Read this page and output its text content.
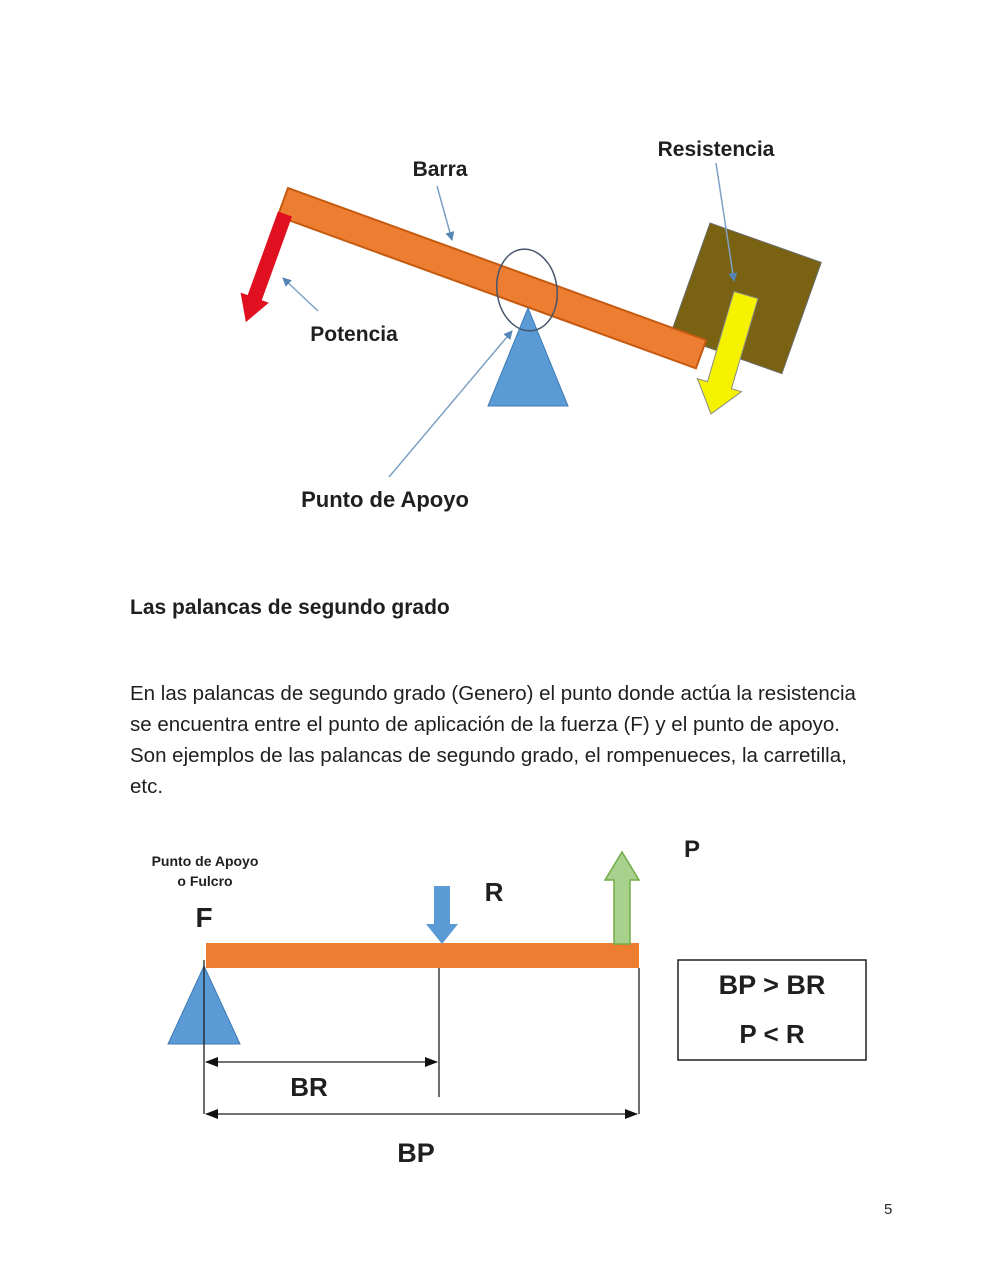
Barra
Resistencia
Potencia
Punto de Apoyo
Las palancas de segundo grado
En las palancas de segundo grado (Genero) el punto donde actúa la resistencia
se encuentra entre el punto de aplicación de la fuerza (F) y el punto de apoyo.
Son ejemplos de las palancas de segundo grado, el rompenueces, la carretilla,
etc.
BP > BR
P < R
Punto de Apoyo
o Fulcro
F
R
P
BR
BP
5
